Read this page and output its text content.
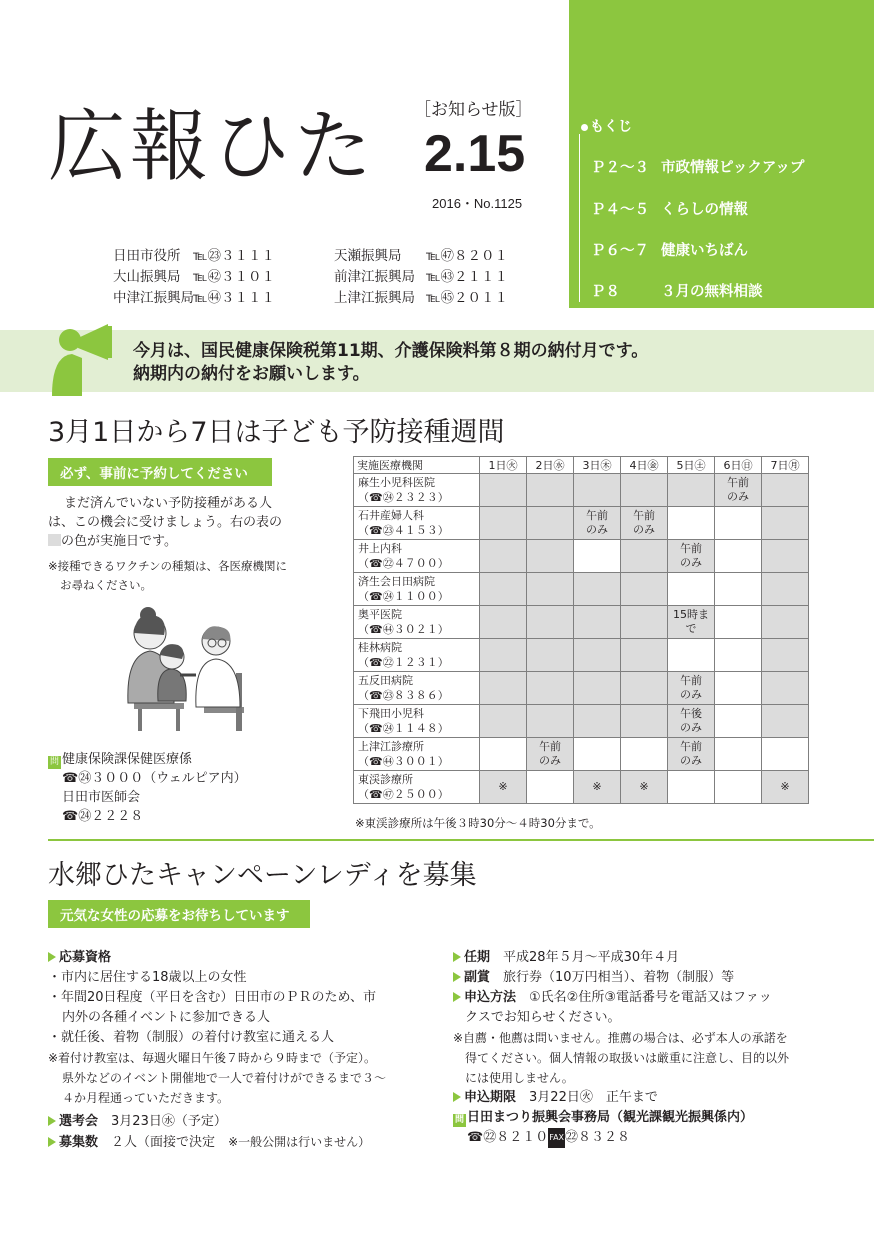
広報ひた ［お知らせ版］
2.15
2016・No.1125
日田市役所 ℡㉓３１１１	天瀬振興局	℡㊼８２０１
大山振興局 ℡㊷３１０１	前津江振興局 ℡㊸２１１１
中津江振興局 ℡㊹３１１１	上津江振興局 ℡㊺２０１１
もくじ
Ｐ２〜３ 市政情報ピックアップ
Ｐ４〜５ くらしの情報
Ｐ６〜７ 健康いちばん
Ｐ８	３月の無料相談
今月は、国民健康保険税第11期、介護保険料第８期の納付月です。
納期内の納付をお願いします。
3月1日から7日は子ども予防接種週間
必ず、事前に予約してください
まだ済んでいない予防接種がある人
は、この機会に受けましょう。右の表の
の色が実施日です。
※接種できるワクチンの種類は、各医療機関に
お尋ねください。
問 健康保険課保健医療係
☎㉔３０００（ウェルピア内）
日田市医師会
☎㉔２２２８
実施医療機関	1日㊋	2日㊌	3日㊍	4日㊎	5日㊏	6日㊐	7日㊊

麻生小児科医院
（☎㉔２３２３）						午前のみ	

石井産婦人科
（☎㉓４１５３）			午前のみ	午前のみ			

井上内科
（☎㉒４７００）					午前のみ		

済生会日田病院
（☎㉔１１００）							

奥平医院
（☎㊹３０２１）					15時まで		

桂林病院
（☎㉒１２３１）							

五反田病院
（☎㉓８３８６）					午前のみ		

下飛田小児科
（☎㉔１１４８）					午後のみ		

上津江診療所
（☎㊹３００１）		午前のみ			午前のみ		

東渓診療所
（☎㊼２５００）	※		※	※			※
※東渓診療所は午後３時30分〜４時30分まで。
水郷ひたキャンペーンレディを募集
元気な女性の応募をお待ちしています
応募資格
・市内に居住する18歳以上の女性
・年間20日程度（平日を含む）日田市のＰＲのため、市
内外の各種イベントに参加できる人
・就任後、着物（制服）の着付け教室に通える人
※着付け教室は、毎週火曜日午後７時から９時まで（予定）。
県外などのイベント開催地で一人で着付けができるまで３〜
４か月程通っていただきます。
選考会　 3月23日㊌（予定）
募集数　 ２人（面接で決定　 ※一般公開は行いません）
任期　 平成28年５月〜平成30年４月
副賞　 旅行券（10万円相当）、着物（制服）等
申込方法　 ①氏名②住所③電話番号を電話又はファッ
クスでお知らせください。
※自薦・他薦は問いません。推薦の場合は、必ず本人の承諾を
得てください。個人情報の取扱いは厳重に注意し、目的以外
には使用しません。
申込期限　 3月22日㊋　正午まで
問 日田まつり振興会事務局（観光課観光振興係内）
☎㉒８２１０FAX㉒８３２８
